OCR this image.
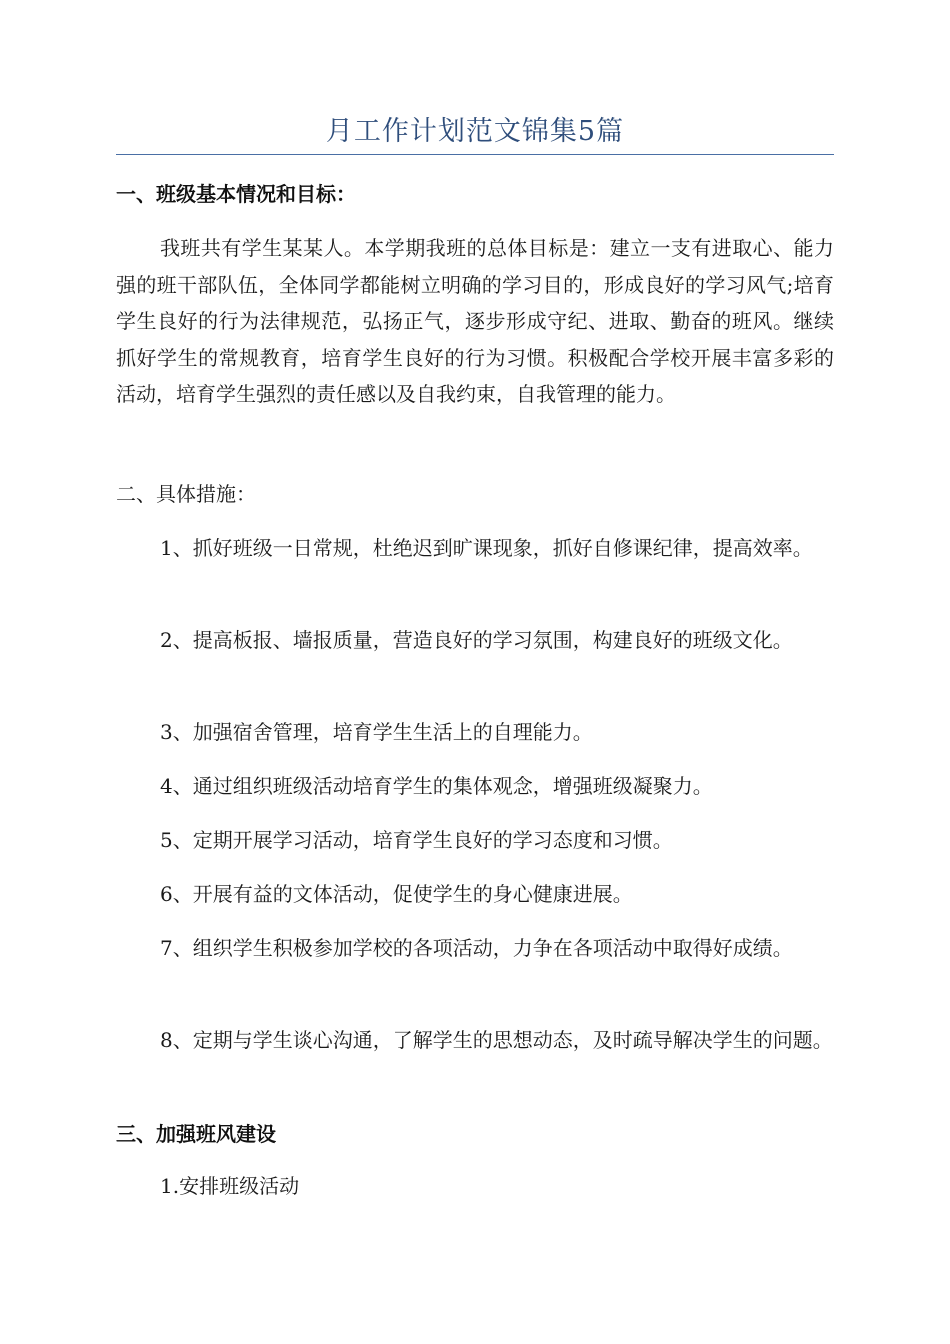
月工作计划范文锦集5篇
一、班级基本情况和目标：

我班共有学生某某人。本学期我班的总体目标是：建立一支有进取心、能力强的班干部队伍，全体同学都能树立明确的学习目的，形成良好的学习风气;培育学生良好的行为法律规范，弘扬正气，逐步形成守纪、进取、勤奋的班风。继续抓好学生的常规教育，培育学生良好的行为习惯。积极配合学校开展丰富多彩的活动，培育学生强烈的责任感以及自我约束，自我管理的能力。

二、具体措施：

1、抓好班级一日常规，杜绝迟到旷课现象，抓好自修课纪律，提高效率。

2、提高板报、墙报质量，营造良好的学习氛围，构建良好的班级文化。

3、加强宿舍管理，培育学生生活上的自理能力。

4、通过组织班级活动培育学生的集体观念，增强班级凝聚力。

5、定期开展学习活动，培育学生良好的学习态度和习惯。

6、开展有益的文体活动，促使学生的身心健康进展。

7、组织学生积极参加学校的各项活动，力争在各项活动中取得好成绩。

8、定期与学生谈心沟通，了解学生的思想动态，及时疏导解决学生的问题。

三、加强班风建设
1.安排班级活动
